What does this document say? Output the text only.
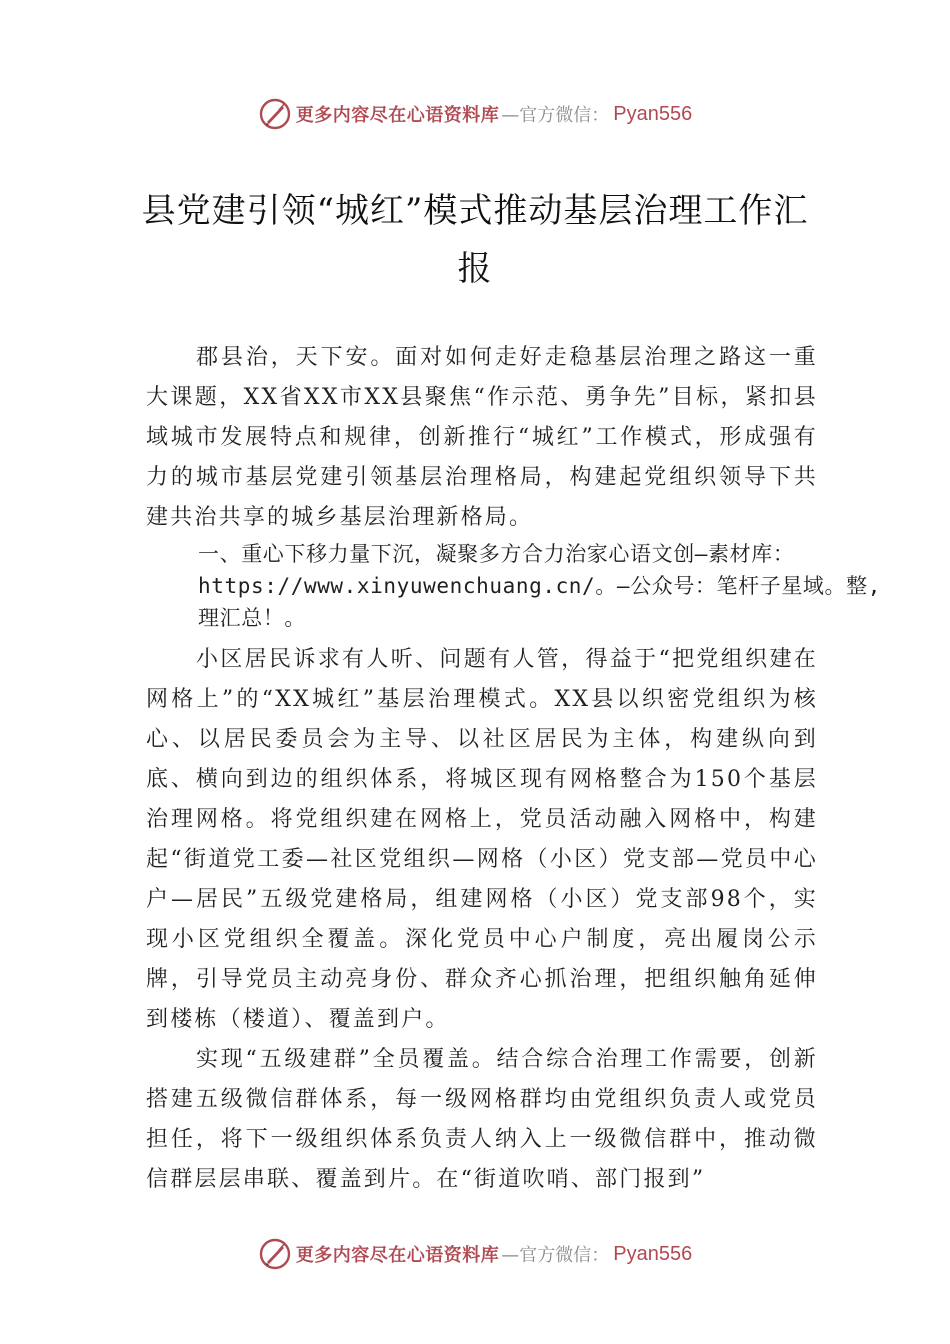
更多内容尽在心语资料库 —官方微信： Pyan556
县党建引领“城红”模式推动基层治理工作汇报

郡县治，天下安。面对如何走好走稳基层治理之路这一重大课题，XX省XX市XX县聚焦“作示范、勇争先”目标，紧扣县域城市发展特点和规律，创新推行“城红”工作模式，形成强有力的城市基层党建引领基层治理格局，构建起党组织领导下共建共治共享的城乡基层治理新格局。

一、重心下移力量下沉，凝聚多方合力治家心语文创—素材库：https://www.xinyuwenchuang.cn/。—公众号：笔杆子星域。整,理汇总！。

小区居民诉求有人听、问题有人管，得益于“把党组织建在网格上”的“XX城红”基层治理模式。XX县以织密党组织为核心、以居民委员会为主导、以社区居民为主体，构建纵向到底、横向到边的组织体系，将城区现有网格整合为150个基层治理网格。将党组织建在网格上，党员活动融入网格中，构建起“街道党工委—社区党组织—网格（小区）党支部—党员中心户—居民”五级党建格局，组建网格（小区）党支部98个，实现小区党组织全覆盖。深化党员中心户制度，亮出履岗公示牌，引导党员主动亮身份、群众齐心抓治理，把组织触角延伸到楼栋（楼道）、覆盖到户。

实现“五级建群”全员覆盖。结合综合治理工作需要，创新搭建五级微信群体系，每一级网格群均由党组织负责人或党员担任，将下一级组织体系负责人纳入上一级微信群中，推动微信群层层串联、覆盖到片。在“街道吹哨、部门报到”

更多内容尽在心语资料库 —官方微信： Pyan556
